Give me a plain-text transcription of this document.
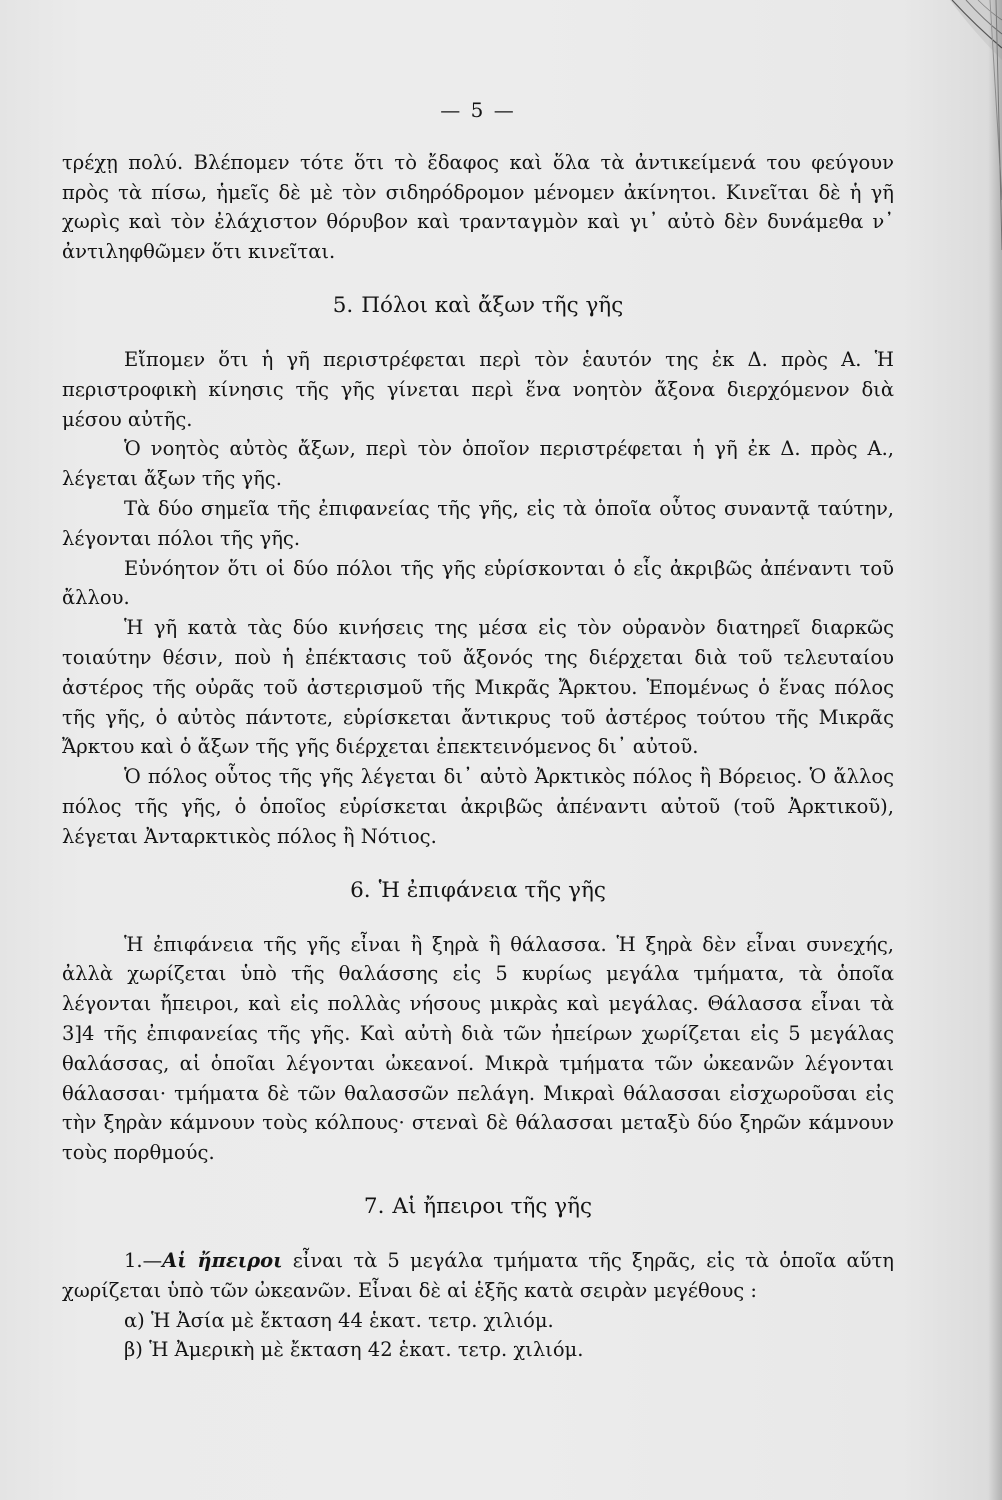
— 5 —

τρέχῃ πολύ. Βλέπομεν τότε ὅτι τὸ ἔδαφος καὶ ὅλα τὰ ἀντικείμενά του φεύγουν πρὸς τὰ πίσω, ἡμεῖς δὲ μὲ τὸν σιδηρόδρομον μένομεν ἀκίνητοι. Κινεῖται δὲ ἡ γῆ χωρὶς καὶ τὸν ἐλάχιστον θόρυβον καὶ τρανταγμὸν καὶ γι᾽ αὐτὸ δὲν δυνάμεθα ν᾽ ἀντιληφθῶμεν ὅτι κινεῖται.

5. Πόλοι καὶ ἄξων τῆς γῆς

Εἴπομεν ὅτι ἡ γῆ περιστρέφεται περὶ τὸν ἑαυτόν της ἐκ Δ. πρὸς Α. Ἡ περιστροφικὴ κίνησις τῆς γῆς γίνεται περὶ ἕνα νοητὸν ἄξονα διερχόμενον διὰ μέσου αὐτῆς.

Ὁ νοητὸς αὐτὸς ἄξων, περὶ τὸν ὁποῖον περιστρέφεται ἡ γῆ ἐκ Δ. πρὸς Α., λέγεται ἄξων τῆς γῆς.

Τὰ δύο σημεῖα τῆς ἐπιφανείας τῆς γῆς, εἰς τὰ ὁποῖα οὗτος συναντᾷ ταύτην, λέγονται πόλοι τῆς γῆς.

Εὐνόητον ὅτι οἱ δύο πόλοι τῆς γῆς εὑρίσκονται ὁ εἷς ἀκριβῶς ἀπέναντι τοῦ ἄλλου.

Ἡ γῆ κατὰ τὰς δύο κινήσεις της μέσα εἰς τὸν οὐρανὸν διατηρεῖ διαρκῶς τοιαύτην θέσιν, ποὺ ἡ ἐπέκτασις τοῦ ἄξονός της διέρχεται διὰ τοῦ τελευταίου ἀστέρος τῆς οὐρᾶς τοῦ ἀστερισμοῦ τῆς Μικρᾶς Ἄρκτου. Ἑπομένως ὁ ἕνας πόλος τῆς γῆς, ὁ αὐτὸς πάντοτε, εὑρίσκεται ἄντικρυς τοῦ ἀστέρος τούτου τῆς Μικρᾶς Ἄρκτου καὶ ὁ ἄξων τῆς γῆς διέρχεται ἐπεκτεινόμενος δι᾽ αὐτοῦ.

Ὁ πόλος οὗτος τῆς γῆς λέγεται δι᾽ αὐτὸ Ἀρκτικὸς πόλος ἢ Βόρειος. Ὁ ἄλλος πόλος τῆς γῆς, ὁ ὁποῖος εὑρίσκεται ἀκριβῶς ἀπέναντι αὐτοῦ (τοῦ Ἀρκτικοῦ), λέγεται Ἀνταρκτικὸς πόλος ἢ Νότιος.

6. Ἡ ἐπιφάνεια τῆς γῆς

Ἡ ἐπιφάνεια τῆς γῆς εἶναι ἢ ξηρὰ ἢ θάλασσα. Ἡ ξηρὰ δὲν εἶναι συνεχής, ἀλλὰ χωρίζεται ὑπὸ τῆς θαλάσσης εἰς 5 κυρίως μεγάλα τμήματα, τὰ ὁποῖα λέγονται ἤπειροι, καὶ εἰς πολλὰς νήσους μικρὰς καὶ μεγάλας. Θάλασσα εἶναι τὰ 3]4 τῆς ἐπιφανείας τῆς γῆς. Καὶ αὐτὴ διὰ τῶν ἠπείρων χωρίζεται εἰς 5 μεγάλας θαλάσσας, αἱ ὁποῖαι λέγονται ὠκεανοί. Μικρὰ τμήματα τῶν ὠκεανῶν λέγονται θάλασσαι· τμήματα δὲ τῶν θαλασσῶν πελάγη. Μικραὶ θάλασσαι εἰσχωροῦσαι εἰς τὴν ξηρὰν κάμνουν τοὺς κόλπους· στεναὶ δὲ θάλασσαι μεταξὺ δύο ξηρῶν κάμνουν τοὺς πορθμούς.

7. Αἱ ἤπειροι τῆς γῆς

1.—Αἱ ἤπειροι εἶναι τὰ 5 μεγάλα τμήματα τῆς ξηρᾶς, εἰς τὰ ὁποῖα αὕτη χωρίζεται ὑπὸ τῶν ὠκεανῶν. Εἶναι δὲ αἱ ἑξῆς κατὰ σειρὰν μεγέθους :

α) Ἡ Ἀσία μὲ ἔκταση 44 ἑκατ. τετρ. χιλιόμ.

β) Ἡ Ἀμερικὴ μὲ ἔκταση 42 ἑκατ. τετρ. χιλιόμ.
